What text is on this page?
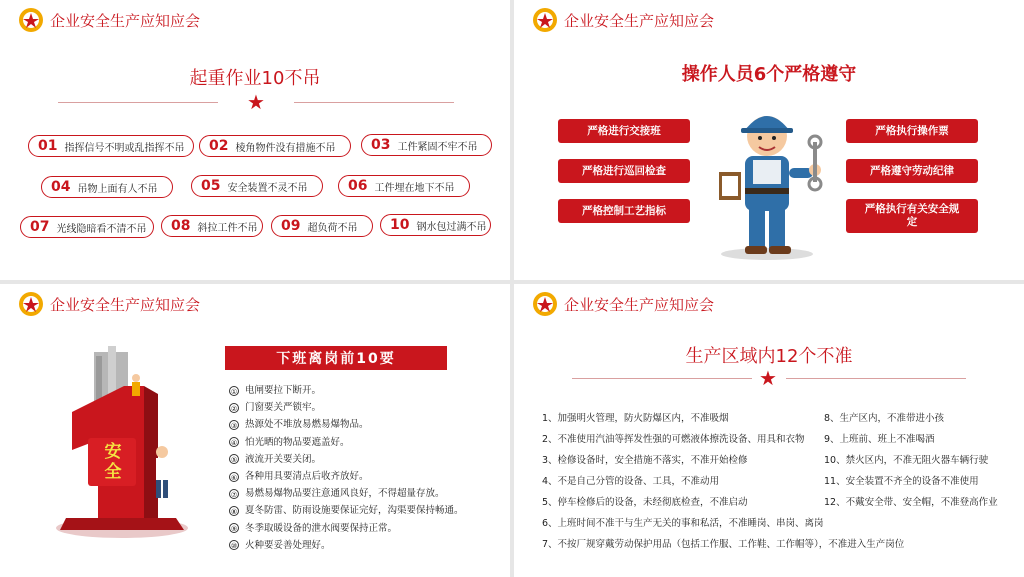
企业安全生产应知应会
起重作业10不吊
★
01 指挥信号不明或乱指挥不吊 02 棱角物件没有措施不吊	03 工件紧固不牢不吊
04 吊物上面有人不吊	05 安全装置不灵不吊	06 工件埋在地下不吊
07 光线隐暗看不清不吊 08 斜拉工件不吊 09 超负荷不吊 10 钢水包过满不吊
企业安全生产应知应会
操作人员6个严格遵守
严格进行交接班
严格进行巡回检查
严格控制工艺指标
严格执行操作票
严格遵守劳动纪律
严格执行有关安全规定
企业安全生产应知应会
安
全
下班离岗前10要
① 电闸要拉下断开。
② 门窗要关严锁牢。
③ 热源处不堆放易燃易爆物品。
④ 怕光晒的物品要遮盖好。
⑤ 液流开关要关闭。
⑥ 各种用具要清点后收齐放好。
⑦ 易燃易爆物品要注意通风良好，不得超量存放。
⑧ 夏冬防雷、防雨设施要保证完好，沟渠要保持畅通。
⑨ 冬季取暖设备的泄水阀要保持正常。
⑩ 火种要妥善处理好。
企业安全生产应知应会
生产区域内12个不准
★
1、加强明火管理，防火防爆区内，不准吸烟
2、不准使用汽油等挥发性强的可燃液体擦洗设备、用具和衣物
3、检修设备时，安全措施不落实，不准开始检修
4、不是自己分管的设备、工具，不准动用
5、停车检修后的设备，未经彻底检查，不准启动
6、上班时间不准干与生产无关的事和私活，不准睡岗、串岗、离岗
7、不按厂规穿戴劳动保护用品（包括工作服、工作鞋、工作帽等），不准进入生产岗位
8、生产区内，不准带进小孩
9、上班前、班上不准喝酒
10、禁火区内，不准无阻火器车辆行驶
11、安全装置不齐全的设备不准使用
12、不戴安全带、安全帽，不准登高作业
